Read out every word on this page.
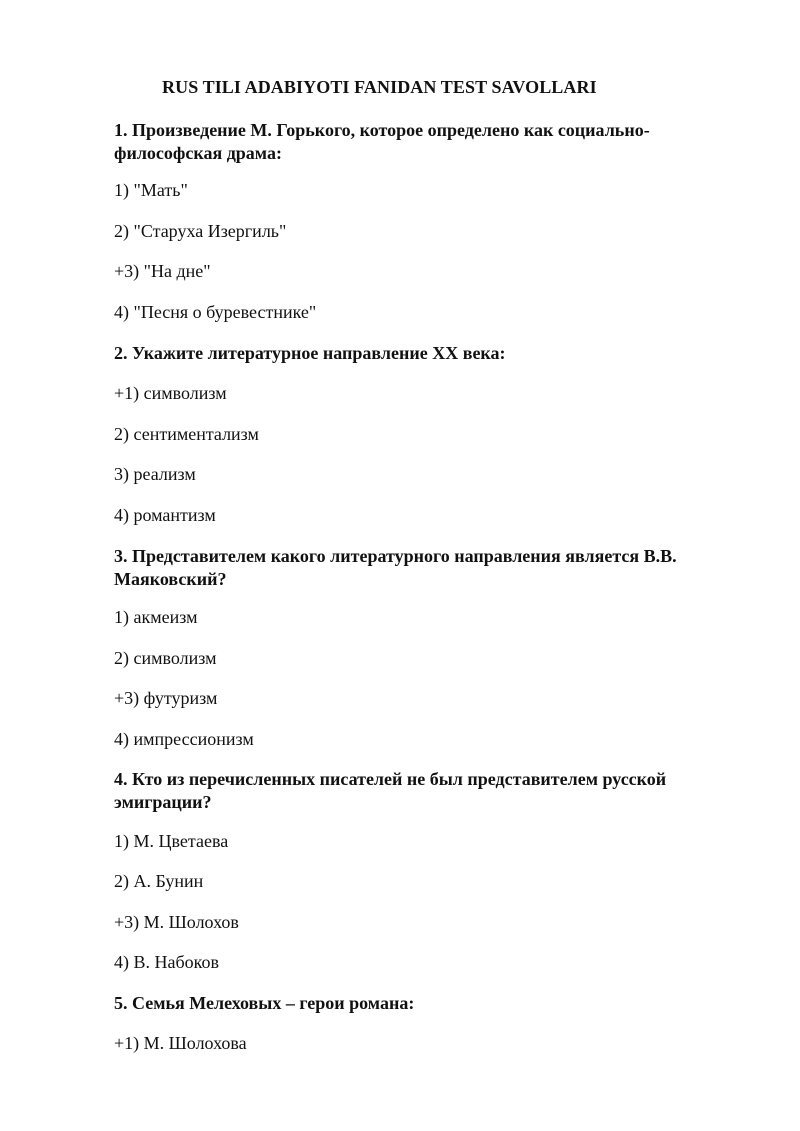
RUS TILI ADABIYOTI FANIDAN TEST SAVOLLARI
1. Произведение М. Горького, которое определено как социально-
философская драма:
1) "Мать"
2) "Старуха Изергиль"
+3) "На дне"
4) "Песня о буревестнике"
2. Укажите литературное направление XX века:
+1) символизм
2) сентиментализм
3) реализм
4) романтизм
3. Представителем какого литературного направления является В.В.
Маяковский?
1) акмеизм
2) символизм
+3) футуризм
4) импрессионизм
4. Кто из перечисленных писателей не был представителем русской
эмиграции?
1) М. Цветаева
2) А. Бунин
+3) М. Шолохов
4) В. Набоков
5. Семья Мелеховых – герои романа:
+1) М. Шолохова
